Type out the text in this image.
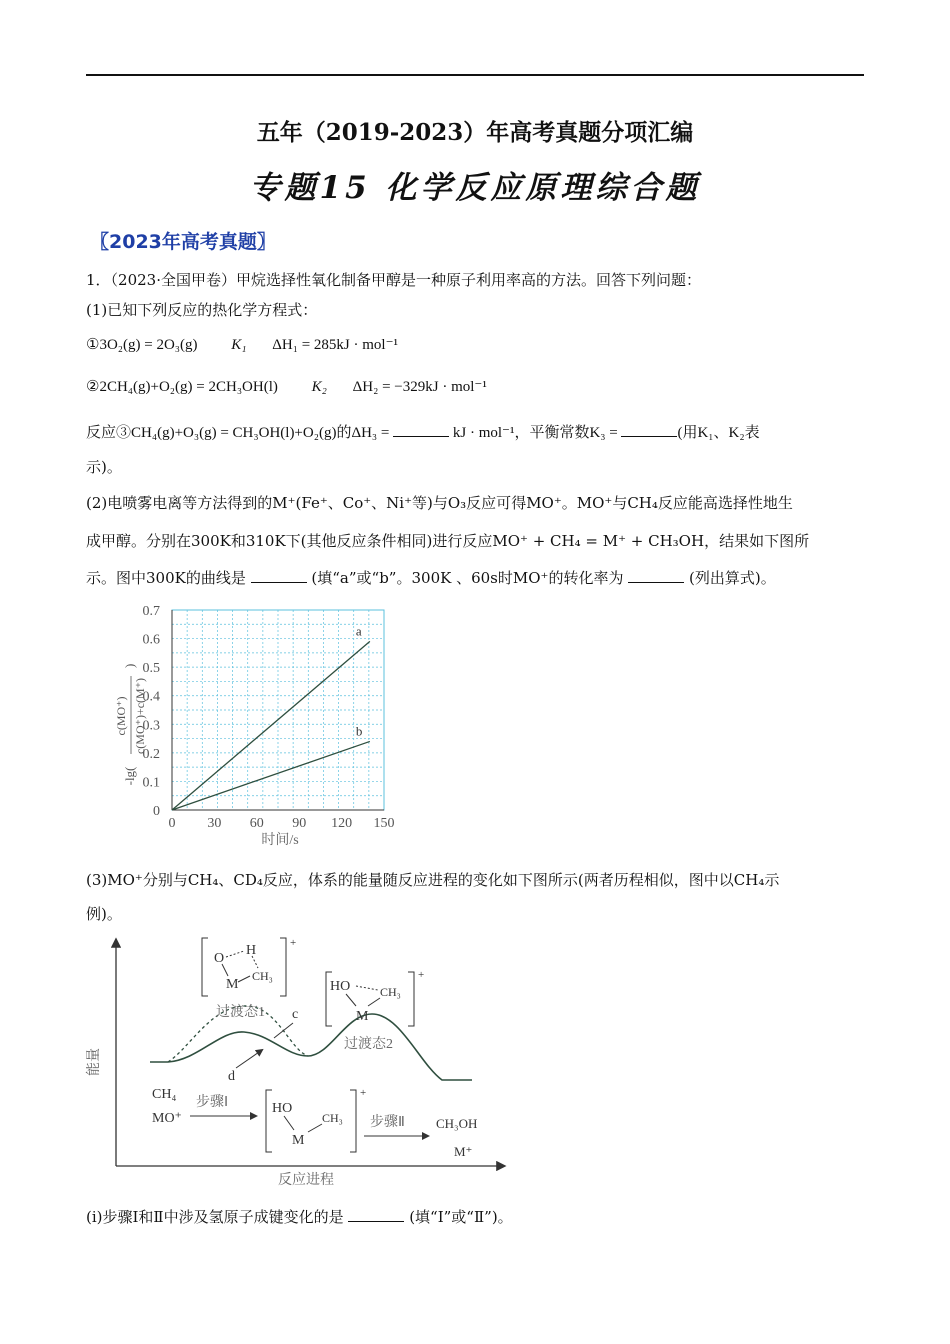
五年（2019-2023）年高考真题分项汇编
专题15 化学反应原理综合题
〖2023年高考真题〗
1．（2023·全国甲卷）甲烷选择性氧化制备甲醇是一种原子利用率高的方法。回答下列问题：
(1)已知下列反应的热化学方程式：
①3O₂(g) = 2O₃(g) K₁ ΔH₁ = 285kJ · mol⁻¹
②2CH₄(g)+O₂(g) = 2CH₃OH(l) K₂ ΔH₂ = −329kJ · mol⁻¹
反应③CH₄(g)+O₃(g) = CH₃OH(l)+O₂(g)的ΔH₃ =	kJ · mol⁻¹，平衡常数K₃ =	(用K₁、K₂表
示)。
(2)电喷雾电离等方法得到的M⁺(Fe⁺、Co⁺、Ni⁺等)与O₃反应可得MO⁺。MO⁺与CH₄反应能高选择性地生
成甲醇。分别在300K和310K下(其他反应条件相同)进行反应MO⁺ + CH₄ = M⁺ + CH₃OH，结果如下图所
示。图中300K的曲线是	(填“a”或“b”。300K 、60s时MO⁺的转化率为	(列出算式)。
0
0.1
0.2
0.3
0.4
0.5
0.6
0.7
0 30 60 90 120 150
a
b
时间/s
-lg(
c(MO⁺) c(MO⁺)+c(M⁺)
)
(3)MO⁺分别与CH₄、CD₄反应，体系的能量随反应进程的变化如下图所示(两者历程相似，图中以CH₄示
例)。
能量
反应进程
c
d
过渡态1
过渡态2
O
H
M
CH₃
+
HO CH₃
M
+
CH₄
MO⁺
步骤Ⅰ	HO
CH₃
M
+
步骤Ⅱ CH₃OH
M⁺
(ⅰ)步骤Ⅰ和Ⅱ中涉及氢原子成键变化的是	(填“Ⅰ”或“Ⅱ”)。
